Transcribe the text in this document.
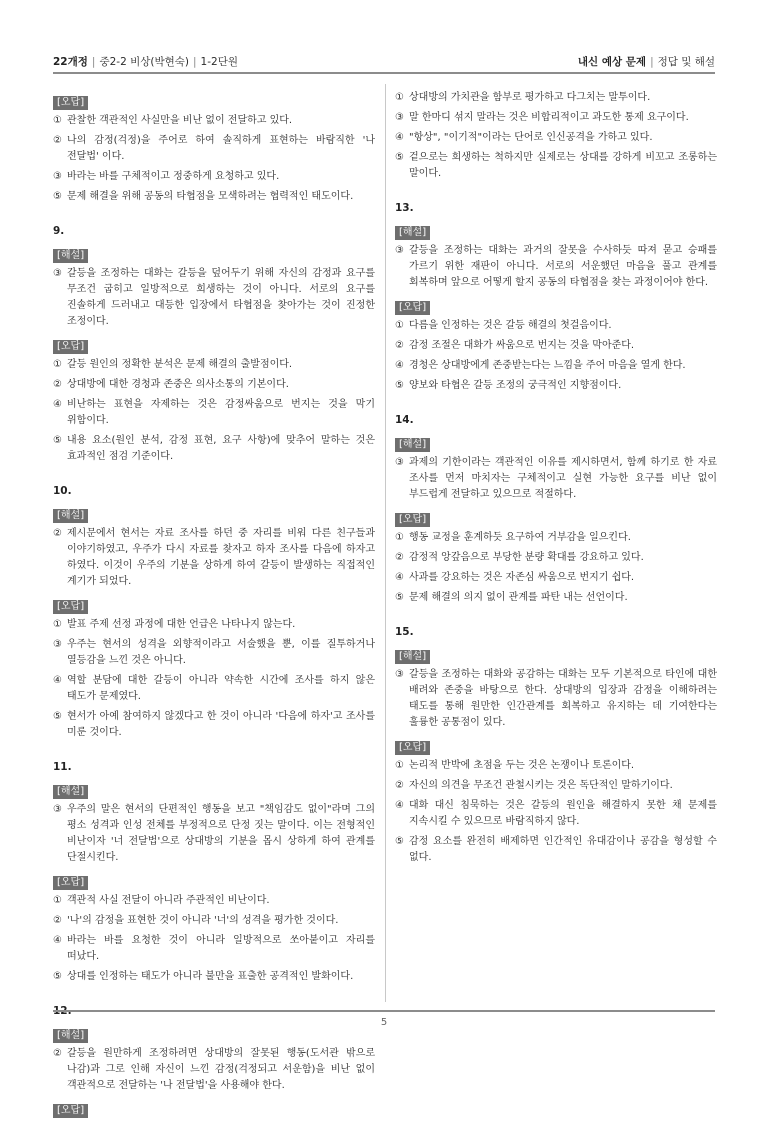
22개정 | 중2-2 비상(박현숙) | 1-2단원	내신 예상 문제 | 정답 및 해설
[오답]
① 관찰한 객관적인 사실만을 비난 없이 전달하고 있다.
② 나의 감정(걱정)을 주어로 하여 솔직하게 표현하는 바람직한 '나 전달법' 이다.
③ 바라는 바를 구체적이고 정중하게 요청하고 있다.
⑤ 문제 해결을 위해 공동의 타협점을 모색하려는 협력적인 태도이다.
9.
[해설]
③ 갈등을 조정하는 대화는 갈등을 덮어두기 위해 자신의 감정과 요구를 무조건 굽히고 일방적으로 희생하는 것이 아니다. 서로의 요구를 진솔하게 드러내고 대등한 입장에서 타협점을 찾아가는 것이 진정한 조정이다.
[오답]
① 갈등 원인의 정확한 분석은 문제 해결의 출발점이다.
② 상대방에 대한 경청과 존중은 의사소통의 기본이다.
④ 비난하는 표현을 자제하는 것은 감정싸움으로 번지는 것을 막기 위함이다.
⑤ 내용 요소(원인 분석, 감정 표현, 요구 사항)에 맞추어 말하는 것은 효과적인 점검 기준이다.
10.
[해설]
② 제시문에서 현서는 자료 조사를 하던 중 자리를 비워 다른 친구들과 이야기하였고, 우주가 다시 자료를 찾자고 하자 조사를 다음에 하자고 하였다. 이것이 우주의 기분을 상하게 하여 갈등이 발생하는 직접적인 계기가 되었다.
[오답]
① 발표 주제 선정 과정에 대한 언급은 나타나지 않는다.
③ 우주는 현서의 성격을 외향적이라고 서술했을 뿐, 이를 질투하거나 열등감을 느낀 것은 아니다.
④ 역할 분담에 대한 갈등이 아니라 약속한 시간에 조사를 하지 않은 태도가 문제였다.
⑤ 현서가 아예 참여하지 않겠다고 한 것이 아니라 '다음에 하자'고 조사를 미룬 것이다.
11.
[해설]
③ 우주의 말은 현서의 단편적인 행동을 보고 "책임감도 없이"라며 그의 평소 성격과 인성 전체를 부정적으로 단정 짓는 말이다. 이는 전형적인 비난이자 '너 전달법'으로 상대방의 기분을 몹시 상하게 하여 관계를 단절시킨다.
[오답]
① 객관적 사실 전달이 아니라 주관적인 비난이다.
② '나'의 감정을 표현한 것이 아니라 '너'의 성격을 평가한 것이다.
④ 바라는 바를 요청한 것이 아니라 일방적으로 쏘아붙이고 자리를 떠났다.
⑤ 상대를 인정하는 태도가 아니라 불만을 표출한 공격적인 발화이다.
[해설]
② 갈등을 원만하게 조정하려면 상대방의 잘못된 행동(도서관 밖으로 나감)과 그로 인해 자신이 느낀 감정(걱정되고 서운함)을 비난 없이 객관적으로 전달하는 '나 전달법'을 사용해야 한다.
[오답]
① 상대방의 가치관을 함부로 평가하고 다그치는 말투이다.
③ 말 한마디 섞지 말라는 것은 비합리적이고 과도한 통제 요구이다.
④ "항상", "이기적"이라는 단어로 인신공격을 가하고 있다.
⑤ 겉으로는 희생하는 척하지만 실제로는 상대를 강하게 비꼬고 조롱하는 말이다.
13.
[해설]
③ 갈등을 조정하는 대화는 과거의 잘못을 수사하듯 따져 묻고 승패를 가르기 위한 재판이 아니다. 서로의 서운했던 마음을 풀고 관계를 회복하며 앞으로 어떻게 할지 공동의 타협점을 찾는 과정이어야 한다.
[오답]
① 다름을 인정하는 것은 갈등 해결의 첫걸음이다.
② 감정 조절은 대화가 싸움으로 번지는 것을 막아준다.
④ 경청은 상대방에게 존중받는다는 느낌을 주어 마음을 열게 한다.
⑤ 양보와 타협은 갈등 조정의 궁극적인 지향점이다.
14.
[해설]
③ 과제의 기한이라는 객관적인 이유를 제시하면서, 함께 하기로 한 자료 조사를 먼저 마치자는 구체적이고 실현 가능한 요구를 비난 없이 부드럽게 전달하고 있으므로 적절하다.
[오답]
① 행동 교정을 훈계하듯 요구하여 거부감을 일으킨다.
② 감정적 앙갚음으로 부당한 분량 확대를 강요하고 있다.
④ 사과를 강요하는 것은 자존심 싸움으로 번지기 쉽다.
⑤ 문제 해결의 의지 없이 관계를 파탄 내는 선언이다.
15.
[해설]
③ 갈등을 조정하는 대화와 공감하는 대화는 모두 기본적으로 타인에 대한 배려와 존중을 바탕으로 한다. 상대방의 입장과 감정을 이해하려는 태도를 통해 원만한 인간관계를 회복하고 유지하는 데 기여한다는 훌륭한 공통점이 있다.
[오답]
① 논리적 반박에 초점을 두는 것은 논쟁이나 토론이다.
② 자신의 의견을 무조건 관철시키는 것은 독단적인 말하기이다.
④ 대화 대신 침묵하는 것은 갈등의 원인을 해결하지 못한 채 문제를 지속시킬 수 있으므로 바람직하지 않다.
⑤ 감정 요소를 완전히 배제하면 인간적인 유대감이나 공감을 형성할 수 없다.
5
